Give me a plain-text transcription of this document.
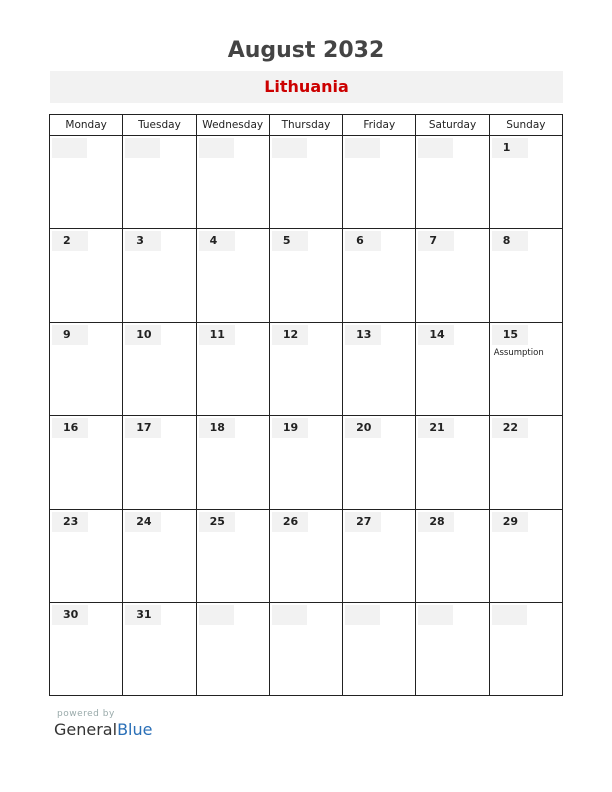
August 2032
Lithuania
Monday	Tuesday	Wednesday	Thursday	Friday	Saturday	Sunday

						1

2	3	4	5	6	7	8

9	10	11	12	13	14	15
Assumption

16	17	18	19	20	21	22

23	24	25	26	27	28	29

30	31					

powered by
GeneralBlue
